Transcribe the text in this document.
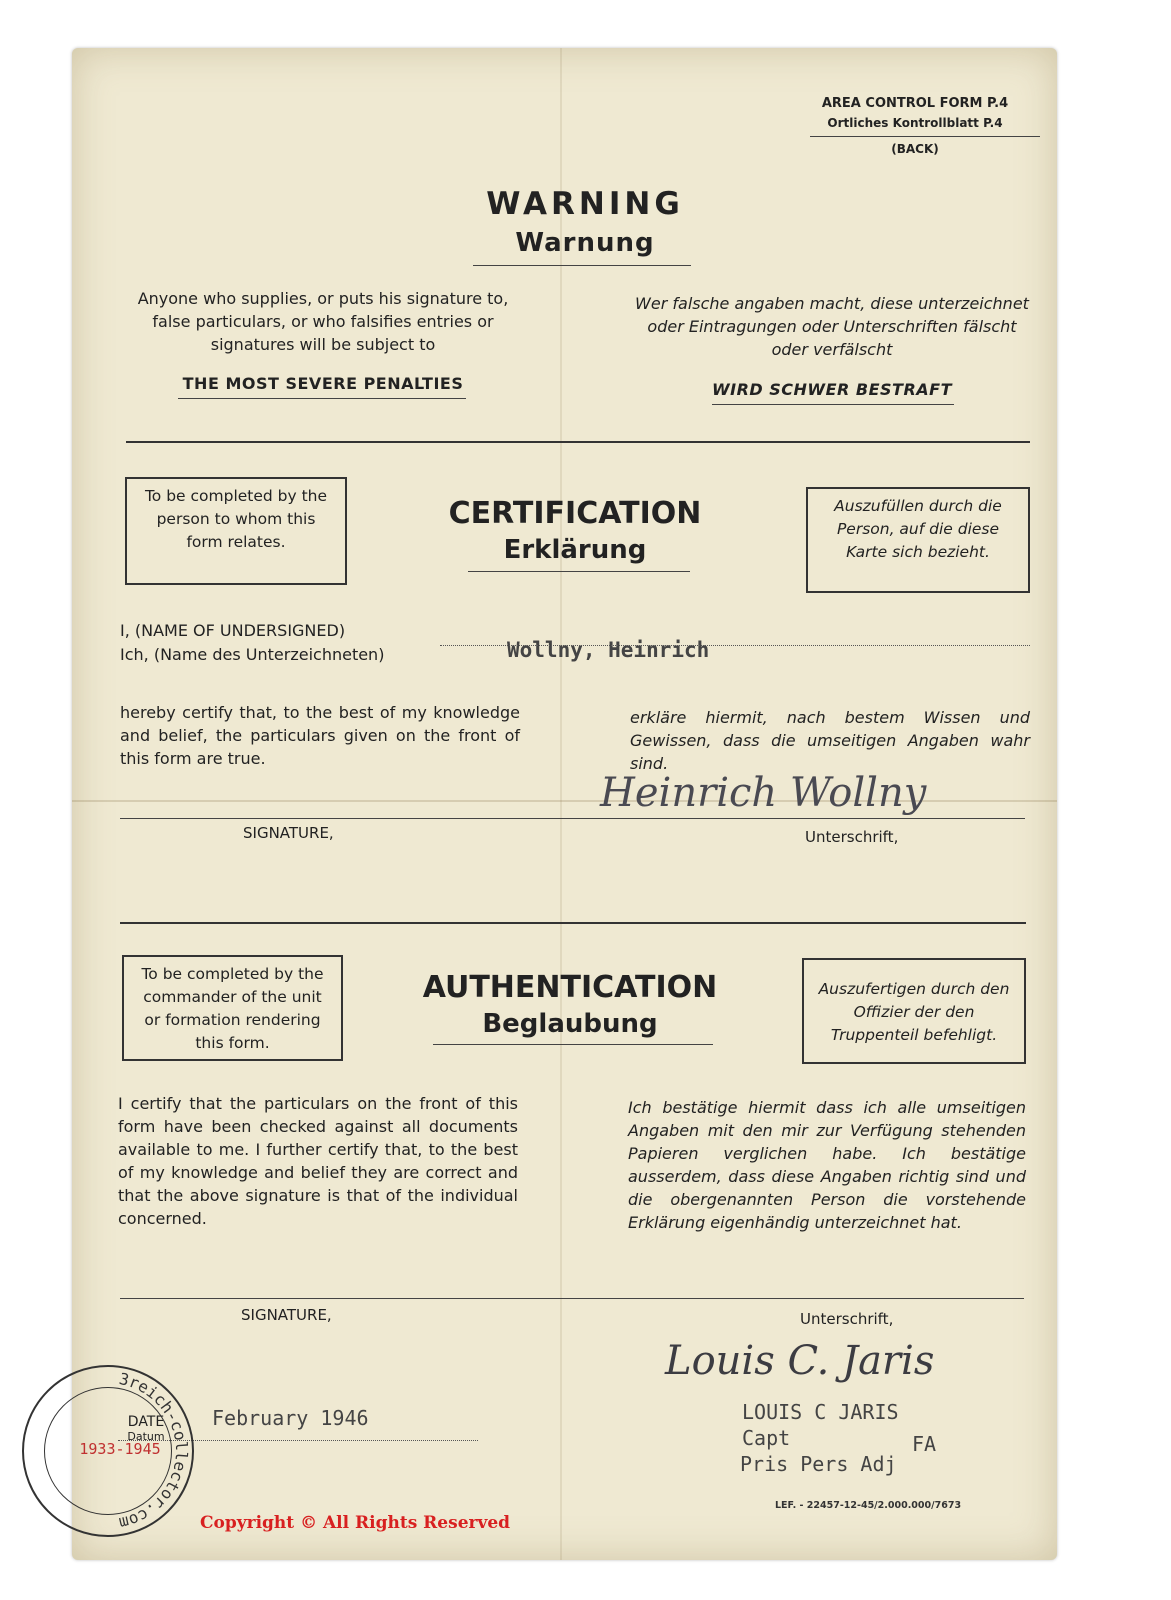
AREA CONTROL FORM P.4
Ortliches Kontrollblatt P.4
(BACK)
WARNING
Warnung
Anyone who supplies, or puts his signature to, false particulars, or who falsifies entries or signatures will be subject to
THE MOST SEVERE PENALTIES
Wer falsche angaben macht, diese unterzeichnet oder Eintragungen oder Unterschriften fälscht oder verfälscht
WIRD SCHWER BESTRAFT
To be completed by the person to whom this form relates.
CERTIFICATION
Erklärung
Auszufüllen durch die Person, auf die diese Karte sich bezieht.
I, (NAME OF UNDERSIGNED)
Ich, (Name des Unterzeichneten)	Wollny, Heinrich
hereby certify that, to the best of my knowledge and belief, the particulars given on the front of this form are true.
erkläre hiermit, nach bestem Wissen und Gewissen, dass die umseitigen Angaben wahr sind.
Heinrich Wollny
SIGNATURE,	Unterschrift,
To be completed by the commander of the unit or formation rendering this form.
AUTHENTICATION
Beglaubung
Auszufertigen durch den Offizier der den Truppenteil befehligt.
I certify that the particulars on the front of this form have been checked against all documents available to me. I further certify that, to the best of my knowledge and belief they are correct and that the above signature is that of the individual concerned.
Ich bestätige hiermit dass ich alle umseitigen Angaben mit den mir zur Verfügung stehenden Papieren verglichen habe. Ich bestätige ausserdem, dass diese Angaben richtig sind und die obergenannten Person die vorstehende Erklärung eigenhändig unterzeichnet hat.
SIGNATURE,	Unterschrift,
Louis C. Jaris
LOUIS C JARIS
Capt	FA
Pris Pers Adj
DATE
Datum
February 1946
LEF. - 22457-12-45/2.000.000/7673
3reich-collector.com
1933-1945
Copyright © All Rights Reserved
